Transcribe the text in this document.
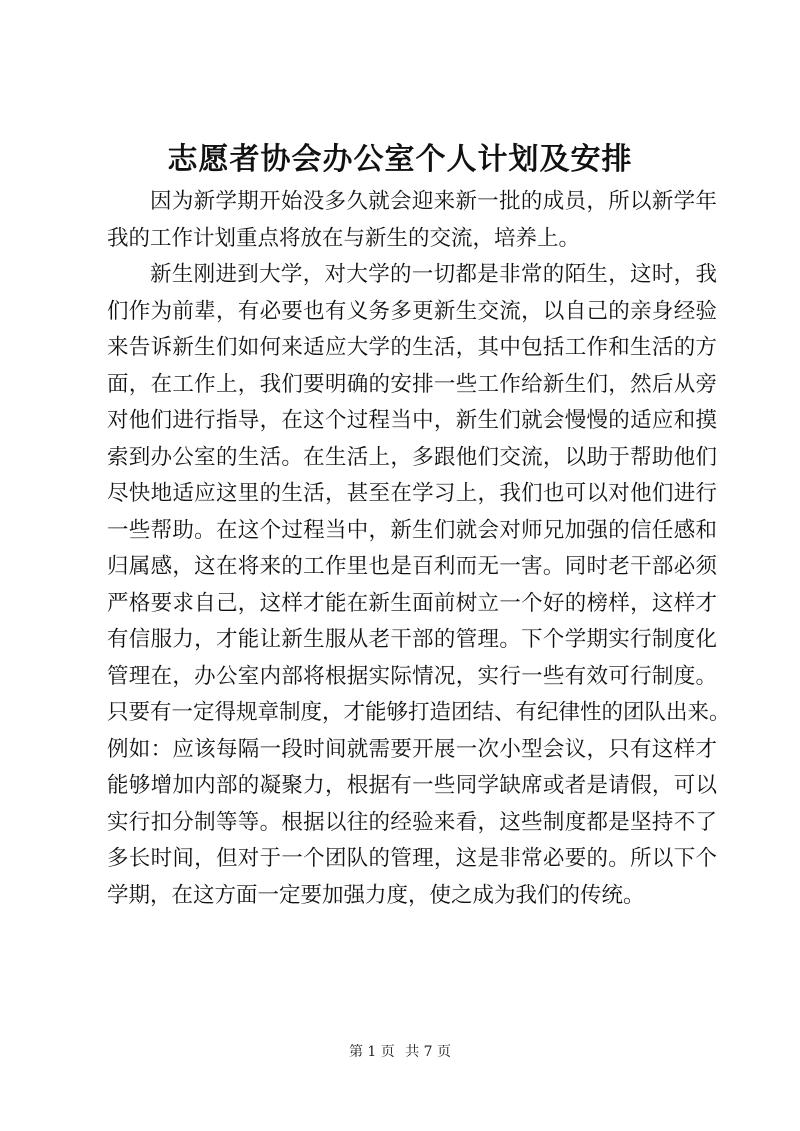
志愿者协会办公室个人计划及安排
因为新学期开始没多久就会迎来新一批的成员，所以新学年
我的工作计划重点将放在与新生的交流，培养上。
新生刚进到大学，对大学的一切都是非常的陌生，这时，我
们作为前辈，有必要也有义务多更新生交流，以自己的亲身经验
来告诉新生们如何来适应大学的生活，其中包括工作和生活的方
面，在工作上，我们要明确的安排一些工作给新生们，然后从旁
对他们进行指导，在这个过程当中，新生们就会慢慢的适应和摸
索到办公室的生活。在生活上，多跟他们交流，以助于帮助他们
尽快地适应这里的生活，甚至在学习上，我们也可以对他们进行
一些帮助。在这个过程当中，新生们就会对师兄加强的信任感和
归属感，这在将来的工作里也是百利而无一害。同时老干部必须
严格要求自己，这样才能在新生面前树立一个好的榜样，这样才
有信服力，才能让新生服从老干部的管理。下个学期实行制度化
管理在，办公室内部将根据实际情况，实行一些有效可行制度。
只要有一定得规章制度，才能够打造团结、有纪律性的团队出来。
例如：应该每隔一段时间就需要开展一次小型会议，只有这样才
能够增加内部的凝聚力，根据有一些同学缺席或者是请假，可以
实行扣分制等等。根据以往的经验来看，这些制度都是坚持不了
多长时间，但对于一个团队的管理，这是非常必要的。所以下个
学期，在这方面一定要加强力度，使之成为我们的传统。
第 1 页 共 7 页
